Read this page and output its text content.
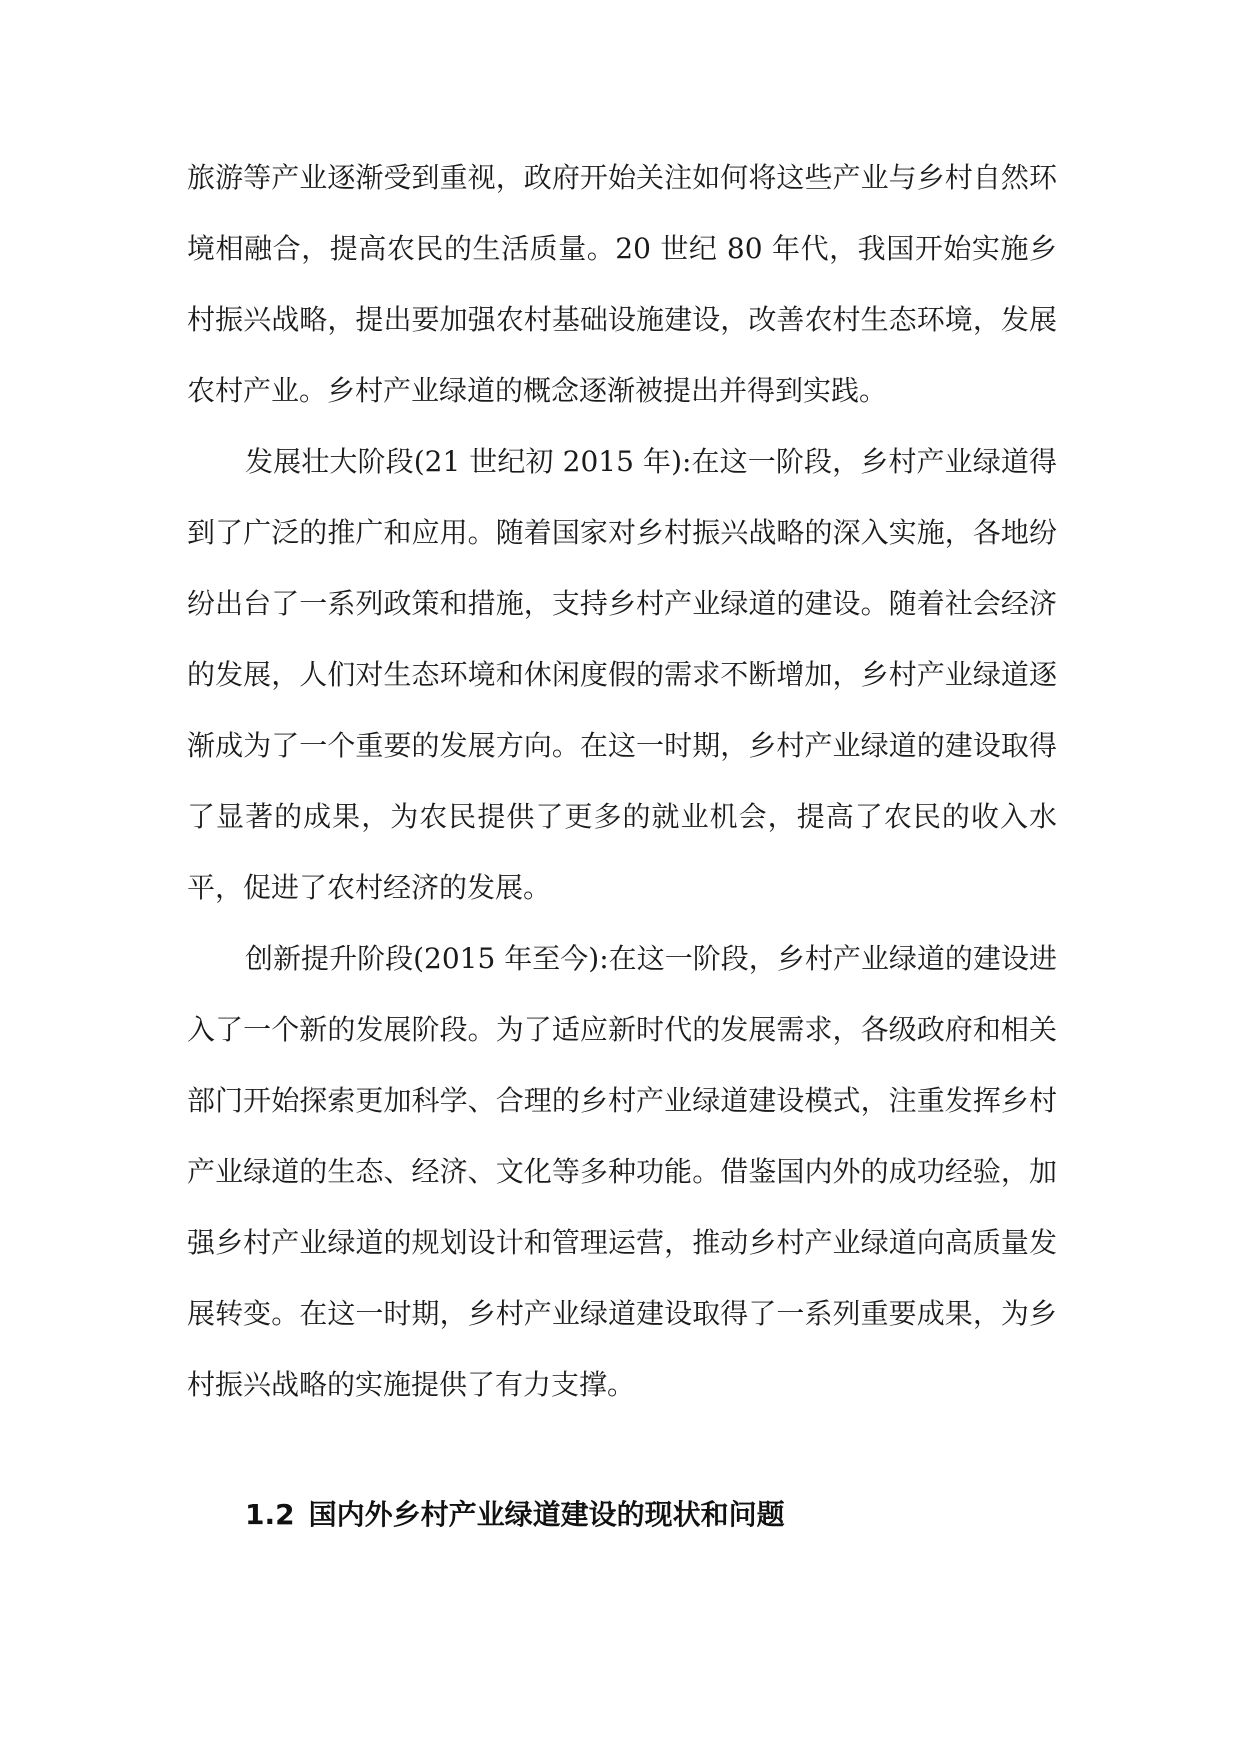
旅游等产业逐渐受到重视，政府开始关注如何将这些产业与乡村自然环境相融合，提高农民的生活质量。20 世纪 80 年代，我国开始实施乡村振兴战略，提出要加强农村基础设施建设，改善农村生态环境，发展农村产业。乡村产业绿道的概念逐渐被提出并得到实践。

发展壮大阶段(21 世纪初 2015 年):在这一阶段，乡村产业绿道得到了广泛的推广和应用。随着国家对乡村振兴战略的深入实施，各地纷纷出台了一系列政策和措施，支持乡村产业绿道的建设。随着社会经济的发展，人们对生态环境和休闲度假的需求不断增加，乡村产业绿道逐渐成为了一个重要的发展方向。在这一时期，乡村产业绿道的建设取得了显著的成果，为农民提供了更多的就业机会，提高了农民的收入水平，促进了农村经济的发展。

创新提升阶段(2015 年至今):在这一阶段，乡村产业绿道的建设进入了一个新的发展阶段。为了适应新时代的发展需求，各级政府和相关部门开始探索更加科学、合理的乡村产业绿道建设模式，注重发挥乡村产业绿道的生态、经济、文化等多种功能。借鉴国内外的成功经验，加强乡村产业绿道的规划设计和管理运营，推动乡村产业绿道向高质量发展转变。在这一时期，乡村产业绿道建设取得了一系列重要成果，为乡村振兴战略的实施提供了有力支撑。

1.2 国内外乡村产业绿道建设的现状和问题
